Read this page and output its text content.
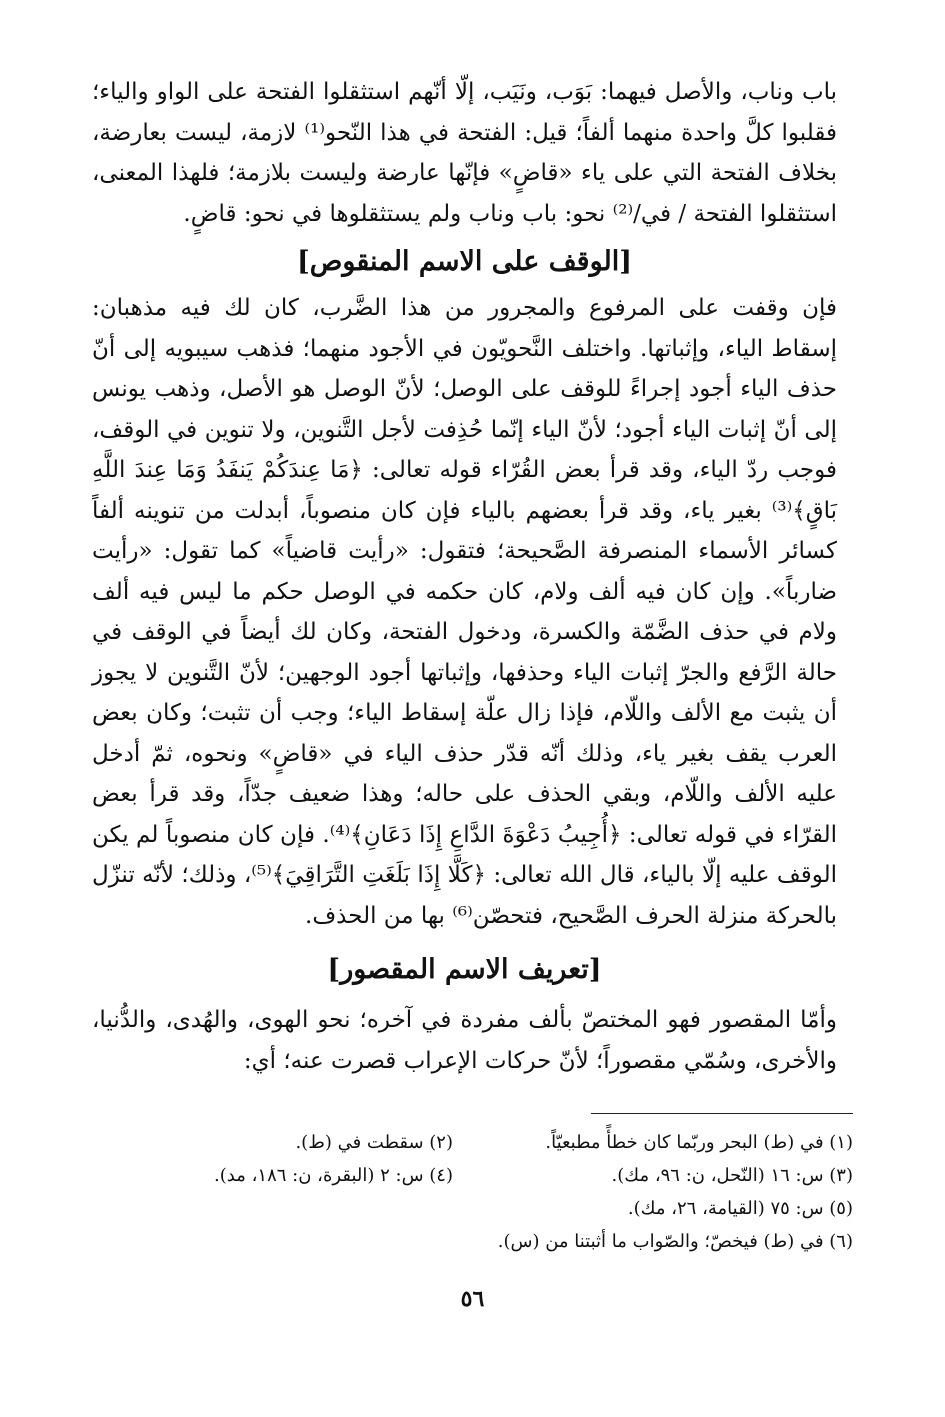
باب وناب، والأصل فيهما: بَوَب، ونَيَب، إلّا أنّهم استثقلوا الفتحة على الواو والياء؛ فقلبوا كلَّ واحدة منهما ألفاً؛ قيل: الفتحة في هذا النّحو⁽¹⁾ لازمة، ليست بعارضة، بخلاف الفتحة التي على ياء «قاضٍ» فإنّها عارضة وليست بلازمة؛ فلهذا المعنى، استثقلوا الفتحة / في/⁽²⁾ نحو: باب وناب ولم يستثقلوها في نحو: قاضٍ.

[الوقف على الاسم المنقوص]

فإن وقفت على المرفوع والمجرور من هذا الضَّرب، كان لك فيه مذهبان: إسقاط الياء، وإثباتها. واختلف النَّحويّون في الأجود منهما؛ فذهب سيبويه إلى أنّ حذف الياء أجود إجراءً للوقف على الوصل؛ لأنّ الوصل هو الأصل، وذهب يونس إلى أنّ إثبات الياء أجود؛ لأنّ الياء إنّما حُذِفت لأجل التَّنوين، ولا تنوين في الوقف، فوجب ردّ الياء، وقد قرأ بعض القُرّاء قوله تعالى: ﴿مَا عِندَكُمْ يَنفَدُ وَمَا عِندَ اللَّهِ بَاقٍ﴾⁽³⁾ بغير ياء، وقد قرأ بعضهم بالياء فإن كان منصوباً، أبدلت من تنوينه ألفاً كسائر الأسماء المنصرفة الصَّحيحة؛ فتقول: «رأيت قاضياً» كما تقول: «رأيت ضارباً». وإن كان فيه ألف ولام، كان حكمه في الوصل حكم ما ليس فيه ألف ولام في حذف الضَّمّة والكسرة، ودخول الفتحة، وكان لك أيضاً في الوقف في حالة الرَّفع والجرّ إثبات الياء وحذفها، وإثباتها أجود الوجهين؛ لأنّ التَّنوين لا يجوز أن يثبت مع الألف واللّام، فإذا زال علّة إسقاط الياء؛ وجب أن تثبت؛ وكان بعض العرب يقف بغير ياء، وذلك أنّه قدّر حذف الياء في «قاضٍ» ونحوه، ثمّ أدخل عليه الألف واللّام، وبقي الحذف على حاله؛ وهذا ضعيف جدّاً، وقد قرأ بعض القرّاء في قوله تعالى: ﴿أُجِيبُ دَعْوَةَ الدَّاعِ إِذَا دَعَانِ﴾⁽⁴⁾. فإن كان منصوباً لم يكن الوقف عليه إلّا بالياء، قال الله تعالى: ﴿كَلَّا إِذَا بَلَغَتِ التَّرَاقِيَ﴾⁽⁵⁾، وذلك؛ لأنّه تنزّل بالحركة منزلة الحرف الصَّحيح، فتحصّن⁽⁶⁾ بها من الحذف.

[تعريف الاسم المقصور]

وأمّا المقصور فهو المختصّ بألف مفردة في آخره؛ نحو الهوى، والهُدى، والدُّنيا، والأخرى، وسُمّي مقصوراً؛ لأنّ حركات الإعراب قصرت عنه؛ أي:

(١) في (ط) البحر وربّما كان خطأً مطبعيّاً.
(٢) سقطت في (ط).
(٣) س: ١٦ (النّحل، ن: ٩٦، مك).
(٤) س: ٢ (البقرة، ن: ١٨٦، مد).
(٥) س: ٧٥ (القيامة، ٢٦، مك).
(٦) في (ط) فيخصّ؛ والصّواب ما أثبتنا من (س).
٥٦
